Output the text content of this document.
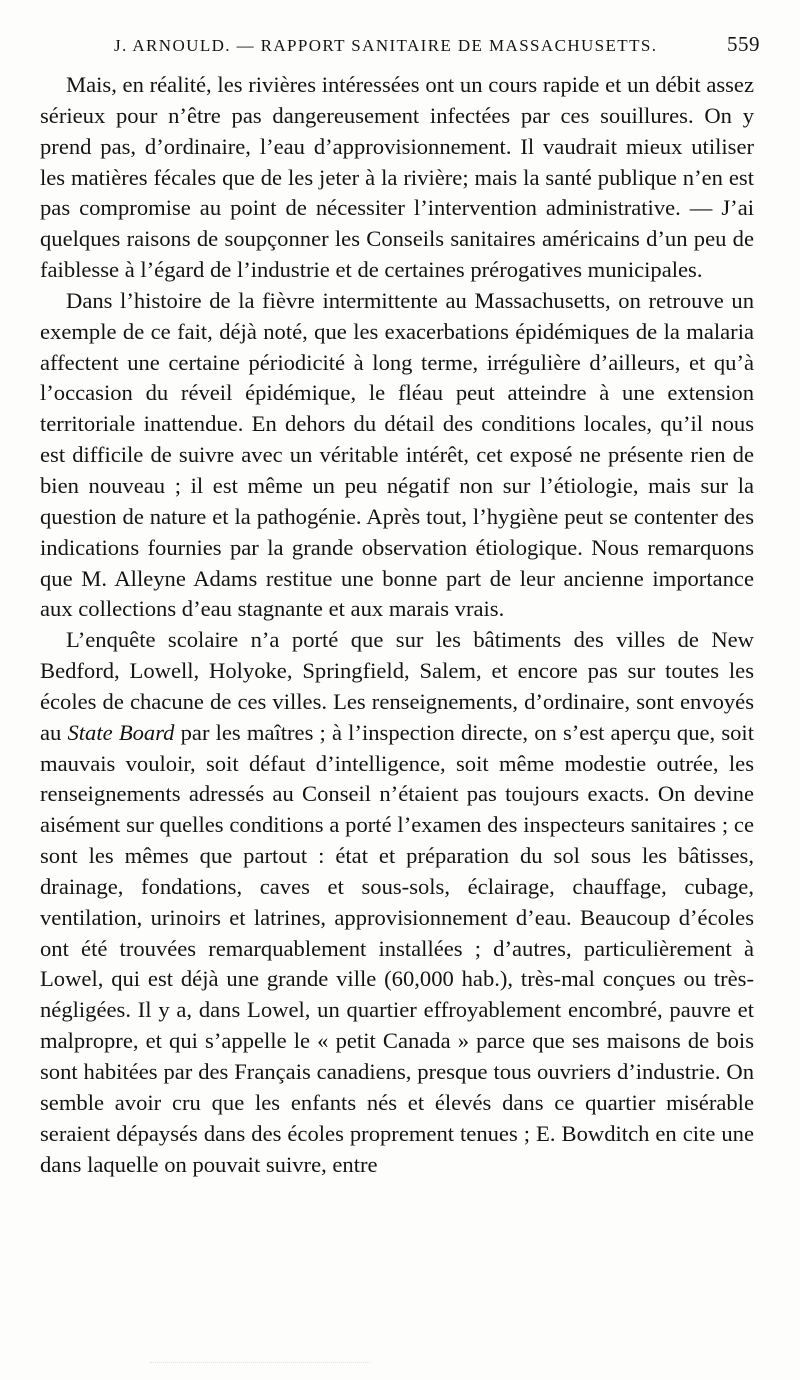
J. ARNOULD. — RAPPORT SANITAIRE DE MASSACHUSETTS.	559

Mais, en réalité, les rivières intéressées ont un cours rapide et un débit assez sérieux pour n’être pas dangereusement infectées par ces souillures. On y prend pas, d’ordinaire, l’eau d’approvisionnement. Il vaudrait mieux utiliser les matières fécales que de les jeter à la rivière; mais la santé publique n’en est pas compromise au point de nécessiter l’intervention administrative. — J’ai quelques raisons de soupçonner les Conseils sanitaires américains d’un peu de faiblesse à l’égard de l’industrie et de certaines prérogatives municipales.

Dans l’histoire de la fièvre intermittente au Massachusetts, on retrouve un exemple de ce fait, déjà noté, que les exacerbations épidémiques de la malaria affectent une certaine périodicité à long terme, irrégulière d’ailleurs, et qu’à l’occasion du réveil épidémique, le fléau peut atteindre à une extension territoriale inattendue. En dehors du détail des conditions locales, qu’il nous est difficile de suivre avec un véritable intérêt, cet exposé ne présente rien de bien nouveau ; il est même un peu négatif non sur l’étiologie, mais sur la question de nature et la pathogénie. Après tout, l’hygiène peut se contenter des indications fournies par la grande observation étiologique. Nous remarquons que M. Alleyne Adams restitue une bonne part de leur ancienne importance aux collections d’eau stagnante et aux marais vrais.

L’enquête scolaire n’a porté que sur les bâtiments des villes de New Bedford, Lowell, Holyoke, Springfield, Salem, et encore pas sur toutes les écoles de chacune de ces villes. Les renseignements, d’ordinaire, sont envoyés au State Board par les maîtres ; à l’inspection directe, on s’est aperçu que, soit mauvais vouloir, soit défaut d’intelligence, soit même modestie outrée, les renseignements adressés au Conseil n’étaient pas toujours exacts. On devine aisément sur quelles conditions a porté l’examen des inspecteurs sanitaires ; ce sont les mêmes que partout : état et préparation du sol sous les bâtisses, drainage, fondations, caves et sous-sols, éclairage, chauffage, cubage, ventilation, urinoirs et latrines, approvisionnement d’eau. Beaucoup d’écoles ont été trouvées remarquablement installées ; d’autres, particulièrement à Lowel, qui est déjà une grande ville (60,000 hab.), très-mal conçues ou très-négligées. Il y a, dans Lowel, un quartier effroyablement encombré, pauvre et malpropre, et qui s’appelle le « petit Canada » parce que ses maisons de bois sont habitées par des Français canadiens, presque tous ouvriers d’industrie. On semble avoir cru que les enfants nés et élevés dans ce quartier misérable seraient dépaysés dans des écoles proprement tenues ; E. Bowditch en cite une dans laquelle on pouvait suivre, entre
